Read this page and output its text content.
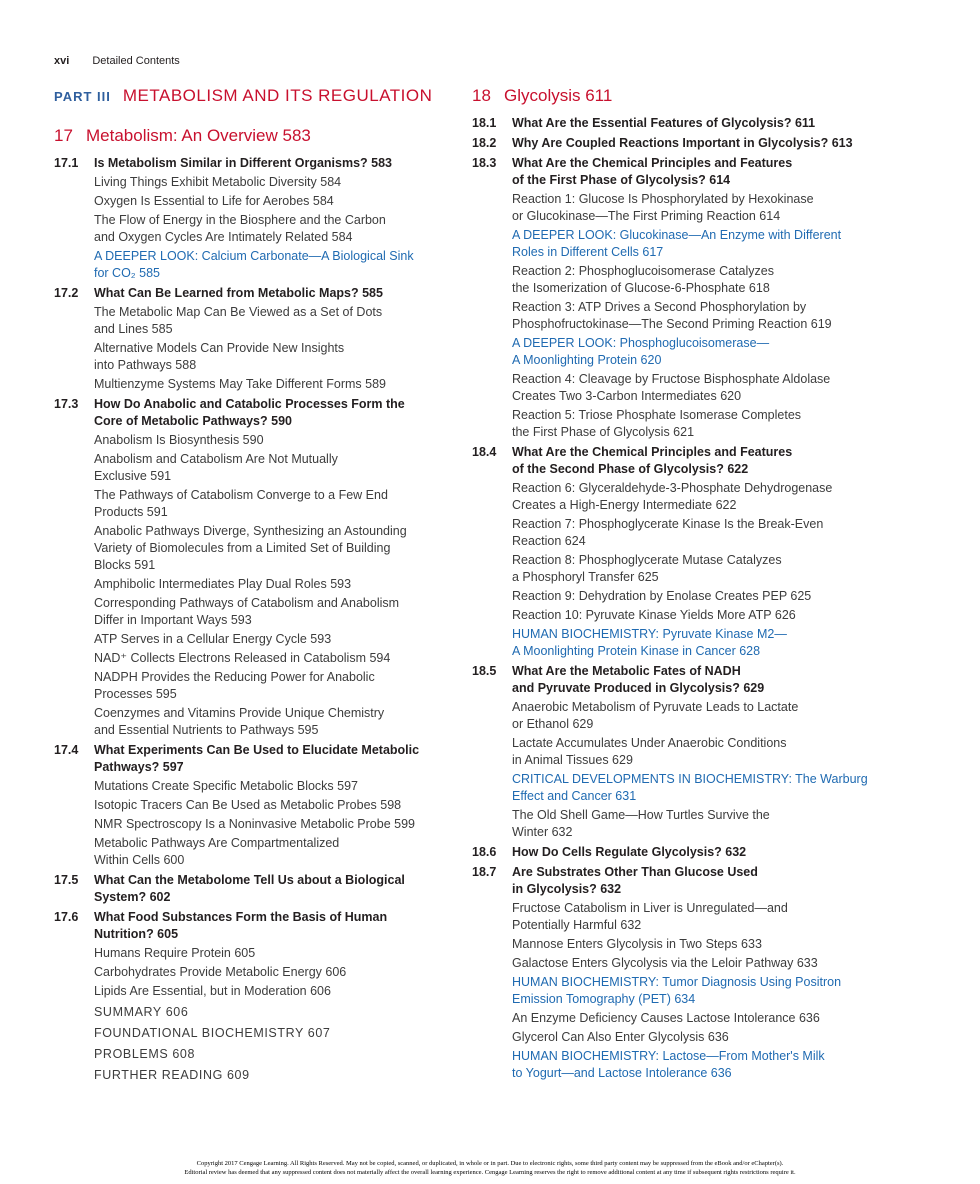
xvi Detailed Contents
PART III METABOLISM AND ITS REGULATION
17 Metabolism: An Overview 583
17.1	Is Metabolism Similar in Different Organisms? 583
Living Things Exhibit Metabolic Diversity 584
Oxygen Is Essential to Life for Aerobes 584
The Flow of Energy in the Biosphere and the Carbon
and Oxygen Cycles Are Intimately Related 584
A DEEPER LOOK: Calcium Carbonate—A Biological Sink
for CO₂ 585
17.2	What Can Be Learned from Metabolic Maps? 585
The Metabolic Map Can Be Viewed as a Set of Dots
and Lines 585
Alternative Models Can Provide New Insights
into Pathways 588
Multienzyme Systems May Take Different Forms 589
17.3	How Do Anabolic and Catabolic Processes Form the
Core of Metabolic Pathways? 590
Anabolism Is Biosynthesis 590
Anabolism and Catabolism Are Not Mutually
Exclusive 591
The Pathways of Catabolism Converge to a Few End
Products 591
Anabolic Pathways Diverge, Synthesizing an Astounding
Variety of Biomolecules from a Limited Set of Building
Blocks 591
Amphibolic Intermediates Play Dual Roles 593
Corresponding Pathways of Catabolism and Anabolism
Differ in Important Ways 593
ATP Serves in a Cellular Energy Cycle 593
NAD⁺ Collects Electrons Released in Catabolism 594
NADPH Provides the Reducing Power for Anabolic
Processes 595
Coenzymes and Vitamins Provide Unique Chemistry
and Essential Nutrients to Pathways 595
17.4	What Experiments Can Be Used to Elucidate Metabolic
Pathways? 597
Mutations Create Specific Metabolic Blocks 597
Isotopic Tracers Can Be Used as Metabolic Probes 598
NMR Spectroscopy Is a Noninvasive Metabolic Probe 599
Metabolic Pathways Are Compartmentalized
Within Cells 600
17.5	What Can the Metabolome Tell Us about a Biological
System? 602
17.6	What Food Substances Form the Basis of Human
Nutrition? 605
Humans Require Protein 605
Carbohydrates Provide Metabolic Energy 606
Lipids Are Essential, but in Moderation 606
SUMMARY 606
FOUNDATIONAL BIOCHEMISTRY 607
PROBLEMS 608
FURTHER READING 609
18 Glycolysis 611
18.1	What Are the Essential Features of Glycolysis? 611
18.2	Why Are Coupled Reactions Important in Glycolysis? 613
18.3	What Are the Chemical Principles and Features
of the First Phase of Glycolysis? 614
Reaction 1: Glucose Is Phosphorylated by Hexokinase
or Glucokinase—The First Priming Reaction 614
A DEEPER LOOK: Glucokinase—An Enzyme with Different
Roles in Different Cells 617
Reaction 2: Phosphoglucoisomerase Catalyzes
the Isomerization of Glucose-6-Phosphate 618
Reaction 3: ATP Drives a Second Phosphorylation by
Phosphofructokinase—The Second Priming Reaction 619
A DEEPER LOOK: Phosphoglucoisomerase—
A Moonlighting Protein 620
Reaction 4: Cleavage by Fructose Bisphosphate Aldolase
Creates Two 3-Carbon Intermediates 620
Reaction 5: Triose Phosphate Isomerase Completes
the First Phase of Glycolysis 621
18.4	What Are the Chemical Principles and Features
of the Second Phase of Glycolysis? 622
Reaction 6: Glyceraldehyde-3-Phosphate Dehydrogenase
Creates a High-Energy Intermediate 622
Reaction 7: Phosphoglycerate Kinase Is the Break-Even
Reaction 624
Reaction 8: Phosphoglycerate Mutase Catalyzes
a Phosphoryl Transfer 625
Reaction 9: Dehydration by Enolase Creates PEP 625
Reaction 10: Pyruvate Kinase Yields More ATP 626
HUMAN BIOCHEMISTRY: Pyruvate Kinase M2—
A Moonlighting Protein Kinase in Cancer 628
18.5	What Are the Metabolic Fates of NADH
and Pyruvate Produced in Glycolysis? 629
Anaerobic Metabolism of Pyruvate Leads to Lactate
or Ethanol 629
Lactate Accumulates Under Anaerobic Conditions
in Animal Tissues 629
CRITICAL DEVELOPMENTS IN BIOCHEMISTRY: The Warburg
Effect and Cancer 631
The Old Shell Game—How Turtles Survive the
Winter 632
18.6	How Do Cells Regulate Glycolysis? 632
18.7	Are Substrates Other Than Glucose Used
in Glycolysis? 632
Fructose Catabolism in Liver is Unregulated—and
Potentially Harmful 632
Mannose Enters Glycolysis in Two Steps 633
Galactose Enters Glycolysis via the Leloir Pathway 633
HUMAN BIOCHEMISTRY: Tumor Diagnosis Using Positron
Emission Tomography (PET) 634
An Enzyme Deficiency Causes Lactose Intolerance 636
Glycerol Can Also Enter Glycolysis 636
HUMAN BIOCHEMISTRY: Lactose—From Mother's Milk
to Yogurt—and Lactose Intolerance 636
Copyright 2017 Cengage Learning. All Rights Reserved. May not be copied, scanned, or duplicated, in whole or in part. Due to electronic rights, some third party content may be suppressed from the eBook and/or eChapter(s).
Editorial review has deemed that any suppressed content does not materially affect the overall learning experience. Cengage Learning reserves the right to remove additional content at any time if subsequent rights restrictions require it.
